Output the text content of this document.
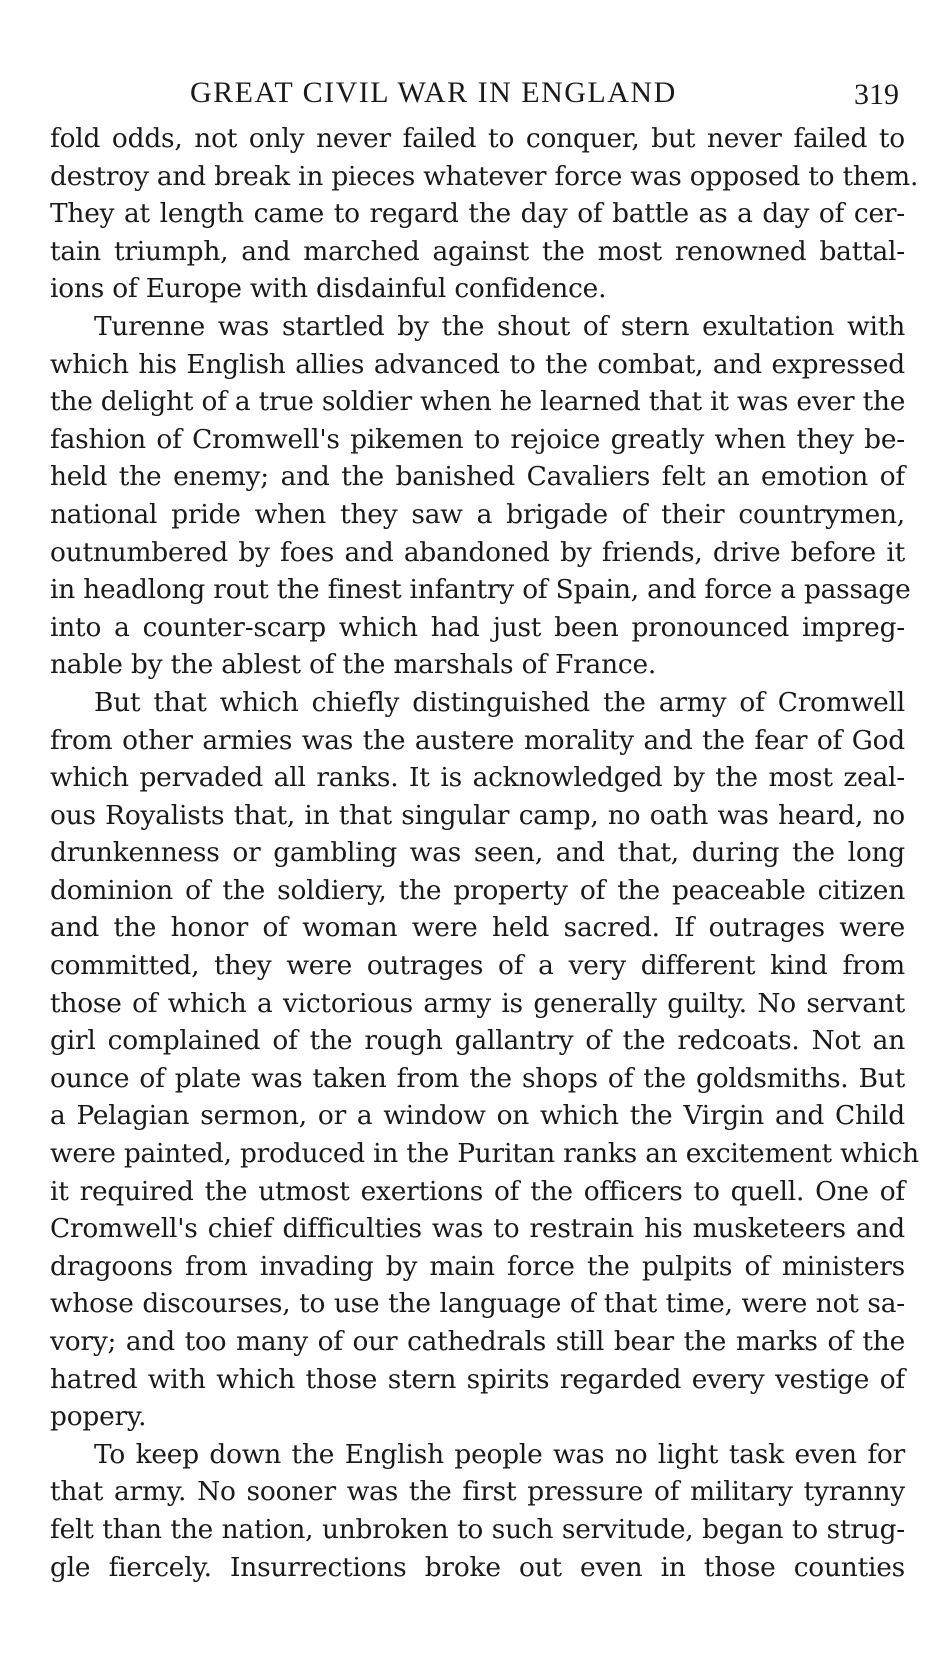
GREAT CIVIL WAR IN ENGLAND	319
fold odds, not only never failed to conquer, but never failed to
destroy and break in pieces whatever force was opposed to them.
They at length came to regard the day of battle as a day of cer-
tain triumph, and marched against the most renowned battal-
ions of Europe with disdainful confidence.
Turenne was startled by the shout of stern exultation with
which his English allies advanced to the combat, and expressed
the delight of a true soldier when he learned that it was ever the
fashion of Cromwell's pikemen to rejoice greatly when they be-
held the enemy; and the banished Cavaliers felt an emotion of
national pride when they saw a brigade of their countrymen,
outnumbered by foes and abandoned by friends, drive before it
in headlong rout the finest infantry of Spain, and force a passage
into a counter-scarp which had just been pronounced impreg-
nable by the ablest of the marshals of France.
But that which chiefly distinguished the army of Cromwell
from other armies was the austere morality and the fear of God
which pervaded all ranks. It is acknowledged by the most zeal-
ous Royalists that, in that singular camp, no oath was heard, no
drunkenness or gambling was seen, and that, during the long
dominion of the soldiery, the property of the peaceable citizen
and the honor of woman were held sacred. If outrages were
committed, they were outrages of a very different kind from
those of which a victorious army is generally guilty. No servant
girl complained of the rough gallantry of the redcoats. Not an
ounce of plate was taken from the shops of the goldsmiths. But
a Pelagian sermon, or a window on which the Virgin and Child
were painted, produced in the Puritan ranks an excitement which
it required the utmost exertions of the officers to quell. One of
Cromwell's chief difficulties was to restrain his musketeers and
dragoons from invading by main force the pulpits of ministers
whose discourses, to use the language of that time, were not sa-
vory; and too many of our cathedrals still bear the marks of the
hatred with which those stern spirits regarded every vestige of
popery.
To keep down the English people was no light task even for
that army. No sooner was the first pressure of military tyranny
felt than the nation, unbroken to such servitude, began to strug-
gle fiercely. Insurrections broke out even in those counties
